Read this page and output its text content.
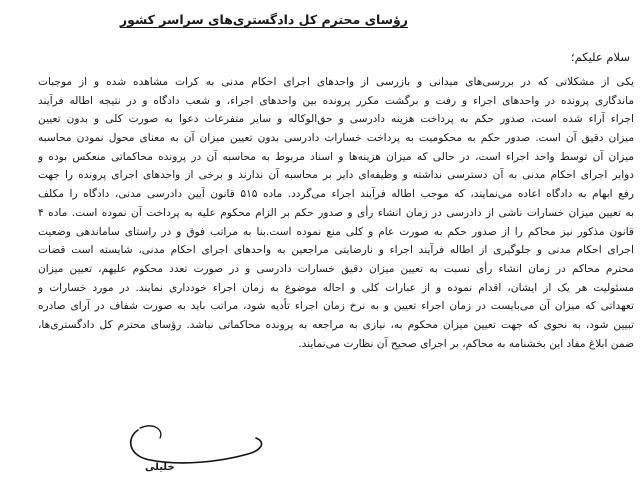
رؤسای محترم کل دادگستری‌های سراسر کشور
سلام علیکم؛
یکی از مشکلاتی که در بررسی‌های میدانی و بازرسی از واحدهای اجرای احکام مدنی به کرات مشاهده شده و از موجبات
ماندگاری پرونده در واحدهای اجراء و رفت و برگشت مکرر پرونده بین واحدهای اجراء، و شعب دادگاه و در نتیجه اطاله فرآیند
اجراء آراء شده است، صدور حکم به پرداخت هزینه دادرسی و حق‌الوکاله و سایر متفرعات دعوا به صورت کلی و بدون تعیین
میزان دقیق آن است. صدور حکم به محکومیت به پرداخت خسارات دادرسی بدون تعیین میزان آن به معنای محول نمودن محاسبه
میزان آن توسط واحد اجراء است، در حالی که میزان هزینه‌ها و اسناد مربوط به محاسبه آن در پرونده محاکماتی منعکس بوده و
دوایر اجرای احکام مدنی به آن دسترسی نداشته و وظیفه‌ای دایر بر محاسبه آن ندارند و برخی از واحدهای اجرای پرونده را جهت
رفع ابهام به دادگاه اعاده می‌نمایند، که موجب اطاله فرآیند اجراء می‌گردد. ماده ۵۱۵ قانون آیین دادرسی مدنی، دادگاه را مکلف
به تعیین میزان خسارات ناشی از دادرسی در زمان انشاء رأی و صدور حکم بر الزام محکوم علیه به پرداخت آن نموده است. ماده ۴
قانون مذکور نیز محاکم را از صدور حکم به صورت عام و کلی منع نموده است.بنا به مراتب فوق و در راستای ساماندهی وضعیت
اجرای احکام مدنی و جلوگیری از اطاله فرآیند اجراء و نارضایتی مراجعین به واحدهای اجرای احکام مدنی، شایسته است قضات
محترم محاکم در زمان انشاء رأی نسبت به تعیین میزان دقیق خسارات دادرسی و در صورت تعدد محکوم علیهم، تعیین میزان
مسئولیت هر یک از ایشان، اقدام نموده و از عبارات کلی و احاله موضوع به زمان اجراء خودداری نمایند. در مورد خسارات و
تعهداتی که میزان آن می‌بایست در زمان اجراء تعیین و به نرخ زمان اجراء تأدیه شود، مراتب باید به صورت شفاف در آرای صادره
تبیین شود، به نحوی که جهت تعیین میزان محکوم به، نیازی به مراجعه به پرونده محاکماتی نباشد. رؤسای محترم کل دادگستری‌ها،
ضمن ابلاغ مفاد این بخشنامه به محاکم، بر اجرای صحیح آن نظارت می‌نمایند.
خلیلی
